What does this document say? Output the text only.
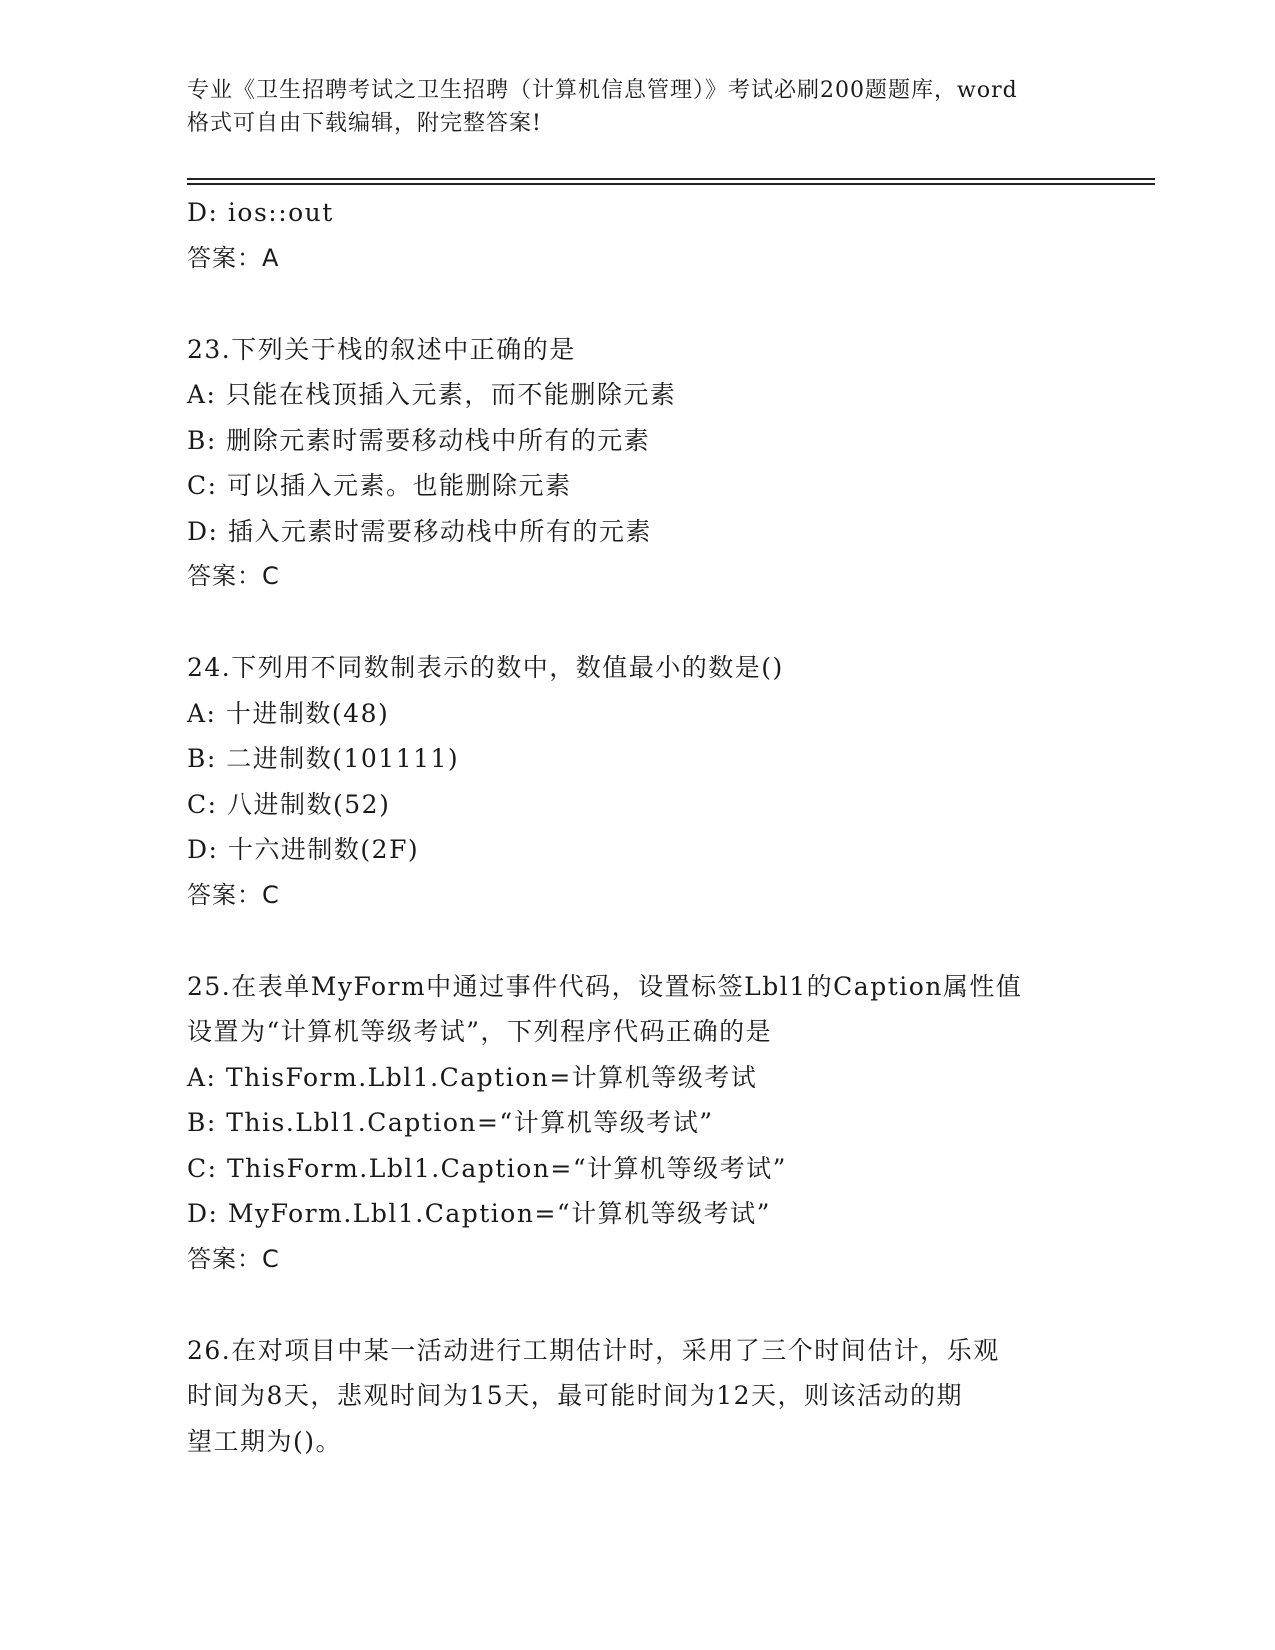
专业《卫生招聘考试之卫生招聘（计算机信息管理）》考试必刷200题题库，word
格式可自由下载编辑，附完整答案!
D: ios::out
答案：A
23.下列关于栈的叙述中正确的是
A: 只能在栈顶插入元素，而不能删除元素
B: 删除元素时需要移动栈中所有的元素
C: 可以插入元素。也能删除元素
D: 插入元素时需要移动栈中所有的元素
答案：C
24.下列用不同数制表示的数中，数值最小的数是()
A: 十进制数(48)
B: 二进制数(101111)
C: 八进制数(52)
D: 十六进制数(2F)
答案：C
25.在表单MyForm中通过事件代码，设置标签Lbl1的Caption属性值
设置为“计算机等级考试”，下列程序代码正确的是
A: ThisForm.Lbl1.Caption=计算机等级考试
B: This.Lbl1.Caption=“计算机等级考试”
C: ThisForm.Lbl1.Caption=“计算机等级考试”
D: MyForm.Lbl1.Caption=“计算机等级考试”
答案：C
26.在对项目中某一活动进行工期估计时，采用了三个时间估计，乐观
时间为8天，悲观时间为15天，最可能时间为12天，则该活动的期
望工期为()。
